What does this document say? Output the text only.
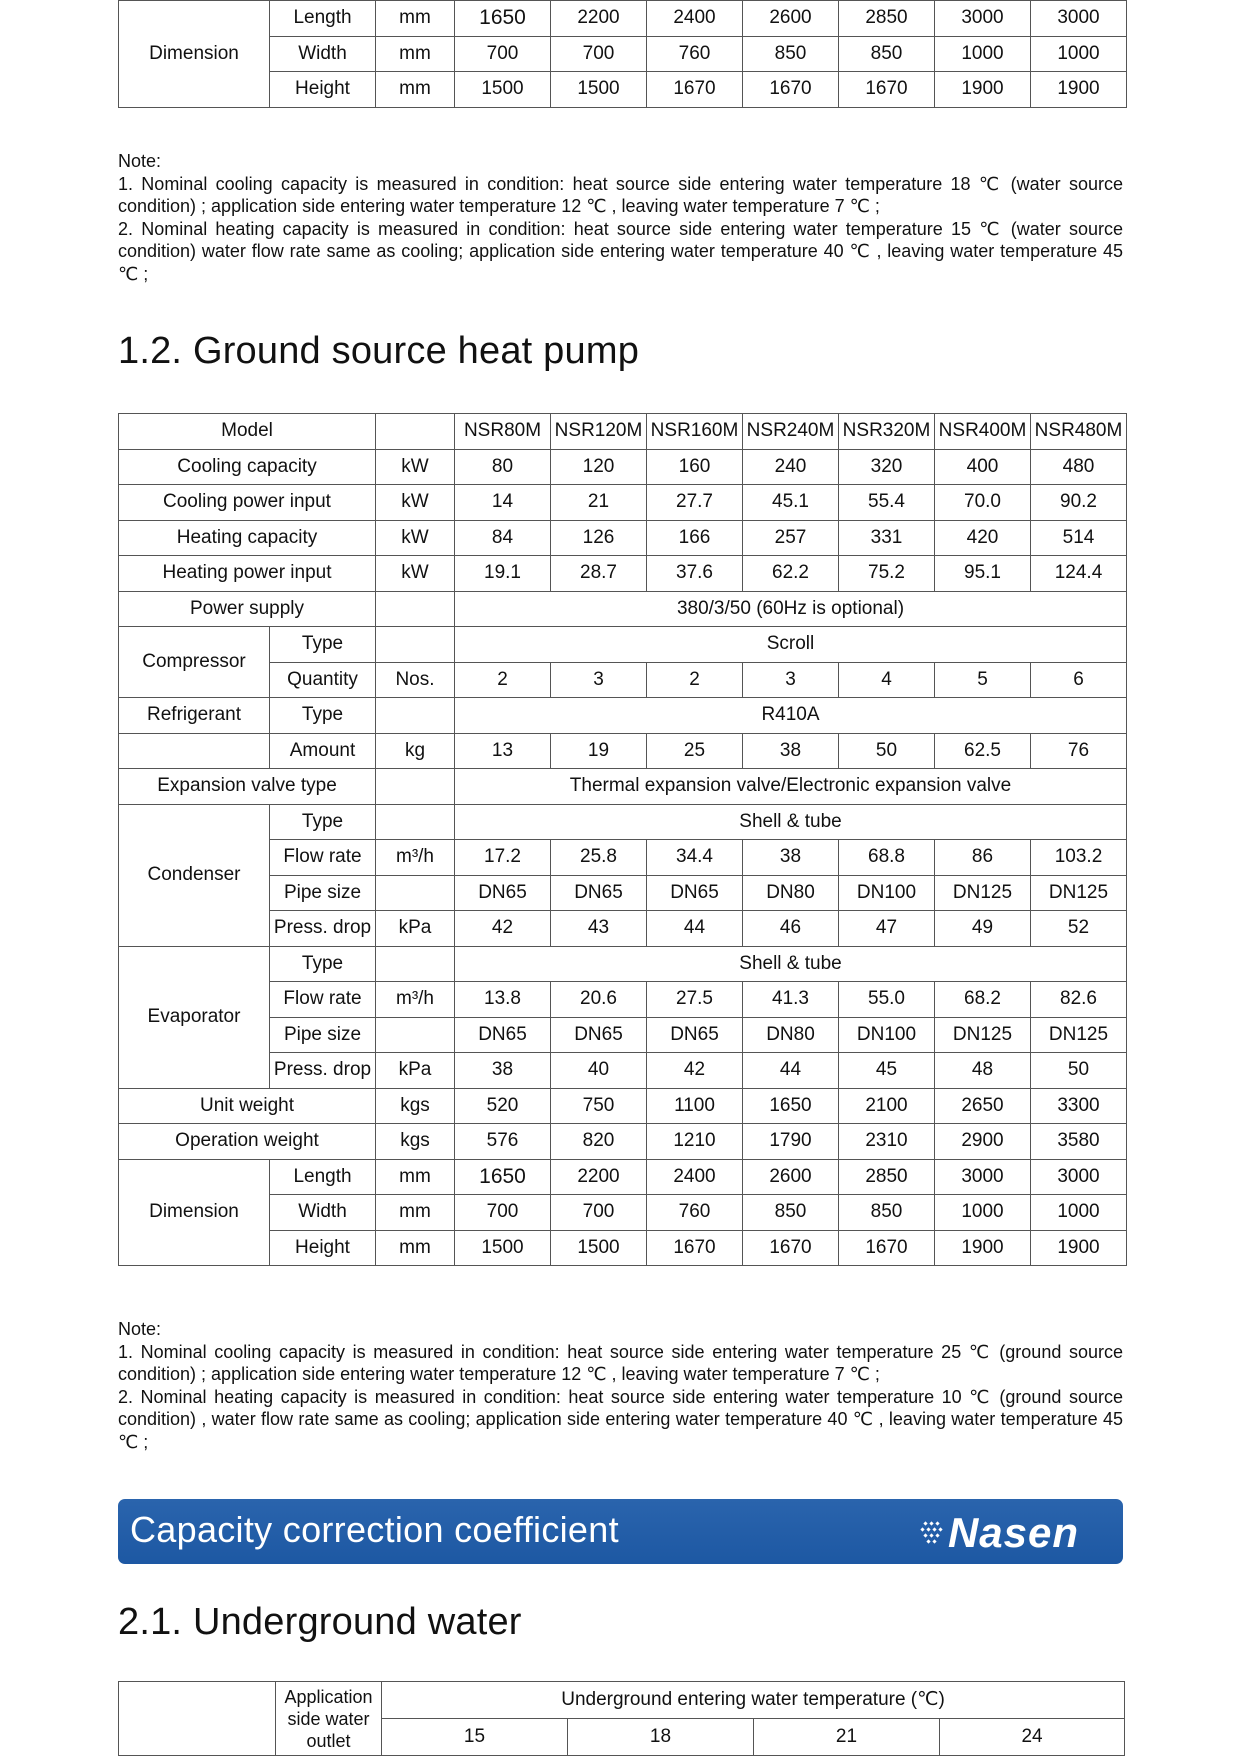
Dimension	Length	mm	1650	2200	2400	2600	2850	3000	3000
	Width	mm	700	700	760	850	850	1000	1000
	Height	mm	1500	1500	1670	1670	1670	1900	1900

Note:

1. Nominal cooling capacity is measured in condition: heat source side entering water temperature 18 ℃ (water source condition) ; application side entering water temperature 12 ℃ , leaving water temperature 7 ℃ ;

2. Nominal heating capacity is measured in condition: heat source side entering water temperature 15 ℃ (water source condition) water flow rate same as cooling; application side entering water temperature 40 ℃ , leaving water temperature 45 ℃ ;

1.2. Ground source heat pump
Model			NSR80M	NSR120M	NSR160M	NSR240M	NSR320M	NSR400M	NSR480M
Cooling capacity		kW	80	120	160	240	320	400	480
Cooling power input		kW	14	21	27.7	45.1	55.4	70.0	90.2
Heating capacity		kW	84	126	166	257	331	420	514
Heating power input		kW	19.1	28.7	37.6	62.2	75.2	95.1	124.4
Power supply			380/3/50 (60Hz is optional)						
Compressor	Type		Scroll						
	Quantity	Nos.	2	3	2	3	4	5	6
Refrigerant	Type		R410A						
	Amount	kg	13	19	25	38	50	62.5	76
Expansion valve type			Thermal expansion valve/Electronic expansion valve						
Condenser	Type		Shell & tube						
	Flow rate	m³/h	17.2	25.8	34.4	38	68.8	86	103.2
	Pipe size		DN65	DN65	DN65	DN80	DN100	DN125	DN125
	Press. drop	kPa	42	43	44	46	47	49	52
Evaporator	Type		Shell & tube						
	Flow rate	m³/h	13.8	20.6	27.5	41.3	55.0	68.2	82.6
	Pipe size		DN65	DN65	DN65	DN80	DN100	DN125	DN125
	Press. drop	kPa	38	40	42	44	45	48	50
Unit weight		kgs	520	750	1100	1650	2100	2650	3300
Operation weight		kgs	576	820	1210	1790	2310	2900	3580
Dimension	Length	mm	1650	2200	2400	2600	2850	3000	3000
	Width	mm	700	700	760	850	850	1000	1000
	Height	mm	1500	1500	1670	1670	1670	1900	1900

Note:

1. Nominal cooling capacity is measured in condition: heat source side entering water temperature 25 ℃ (ground source condition) ; application side entering water temperature 12 ℃ , leaving water temperature 7 ℃ ;

2. Nominal heating capacity is measured in condition: heat source side entering water temperature 10 ℃ (ground source condition) , water flow rate same as cooling; application side entering water temperature 40 ℃ , leaving water temperature 45 ℃ ;

Capacity correction coefficient	Nasen
2.1. Underground water
	Application side water outlet	Underground entering water temperature (℃)			
		15	18	21	24
